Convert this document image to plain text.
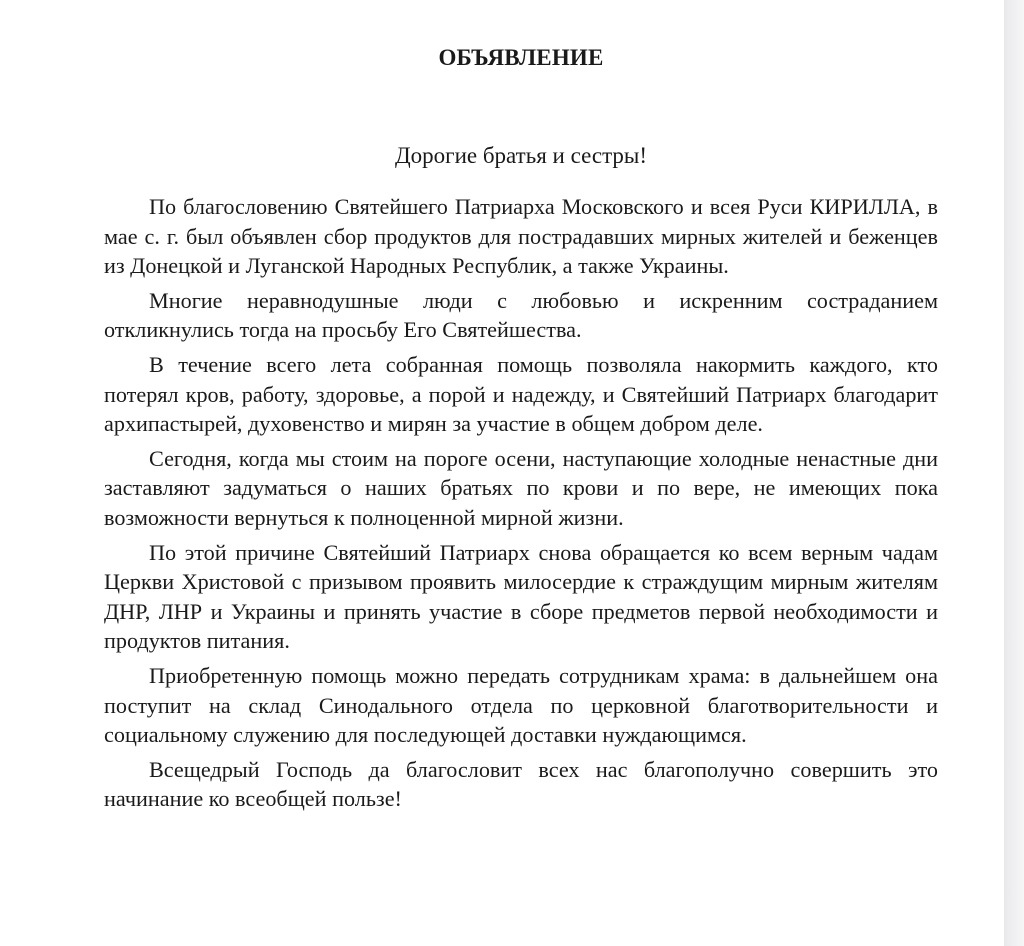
ОБЪЯВЛЕНИЕ

Дорогие братья и сестры!

По благословению Святейшего Патриарха Московского и всея Руси КИРИЛЛА, в мае с. г. был объявлен сбор продуктов для пострадавших мирных жителей и беженцев из Донецкой и Луганской Народных Республик, а также Украины.

Многие неравнодушные люди с любовью и искренним состраданием откликнулись тогда на просьбу Его Святейшества.

В течение всего лета собранная помощь позволяла накормить каждого, кто потерял кров, работу, здоровье, а порой и надежду, и Святейший Патриарх благодарит архипастырей, духовенство и мирян за участие в общем добром деле.

Сегодня, когда мы стоим на пороге осени, наступающие холодные ненастные дни заставляют задуматься о наших братьях по крови и по вере, не имеющих пока возможности вернуться к полноценной мирной жизни.

По этой причине Святейший Патриарх снова обращается ко всем верным чадам Церкви Христовой с призывом проявить милосердие к страждущим мирным жителям ДНР, ЛНР и Украины и принять участие в сборе предметов первой необходимости и продуктов питания.

Приобретенную помощь можно передать сотрудникам храма: в дальнейшем она поступит на склад Синодального отдела по церковной благотворительности и социальному служению для последующей доставки нуждающимся.

Всещедрый Господь да благословит всех нас благополучно совершить это начинание ко всеобщей пользе!
